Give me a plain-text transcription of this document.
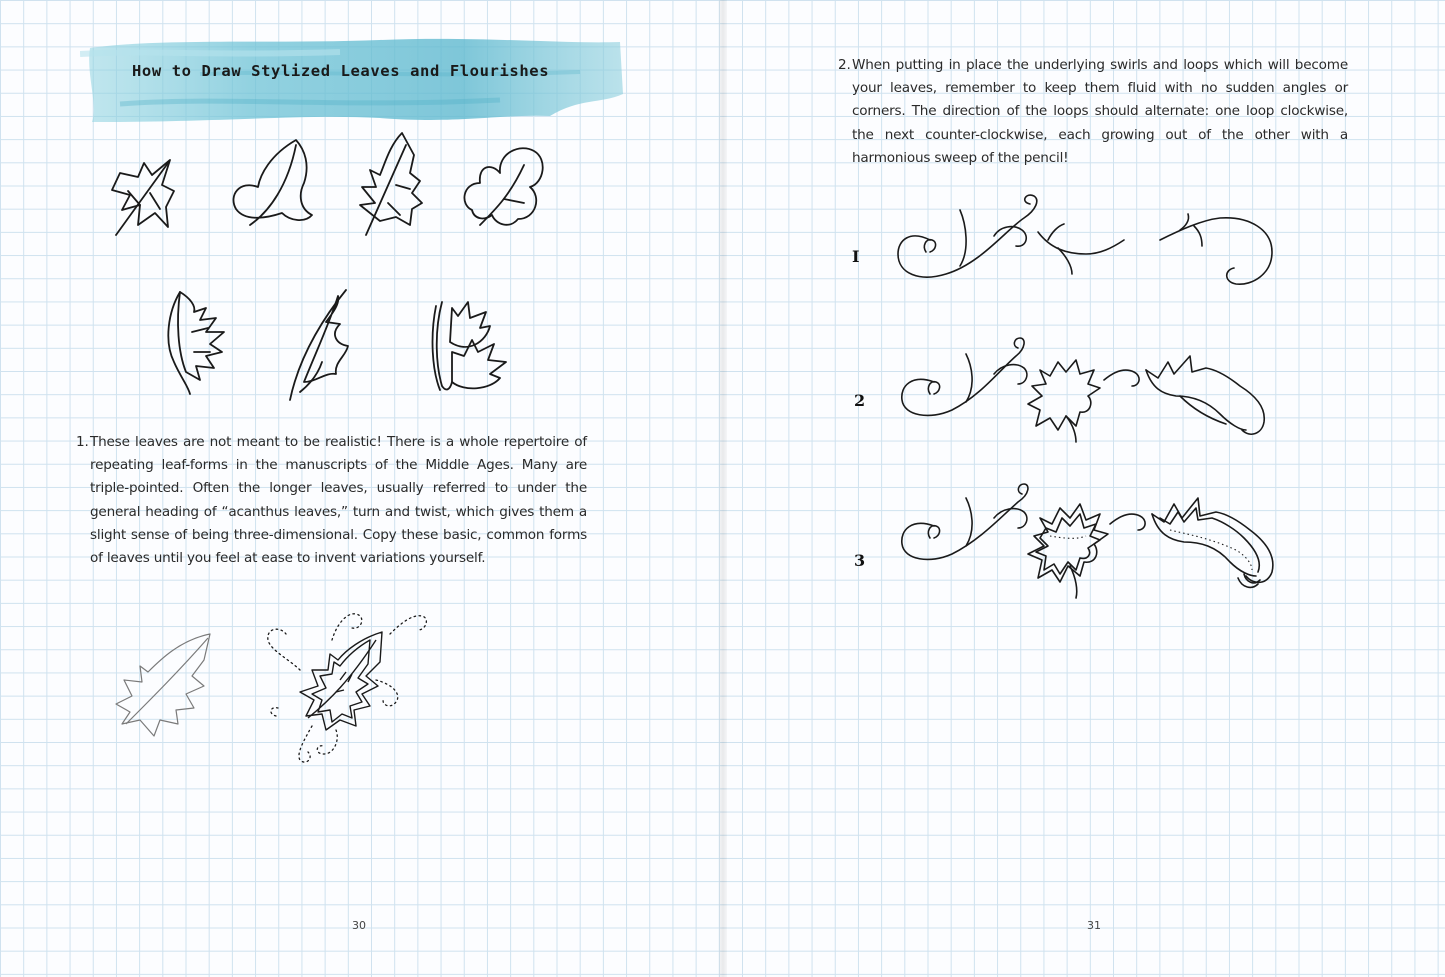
How to Draw Stylized Leaves and Flourishes
1. These leaves are not meant to be realistic! There is a whole repertoire of repeating leaf-forms in the manuscripts of the Middle Ages. Many are triple-pointed. Often the longer leaves, usually referred to under the general heading of “acanthus leaves,” turn and twist, which gives them a slight sense of being three-dimensional. Copy these basic, common forms of leaves until you feel at ease to invent variations yourself.
2. When putting in place the underlying swirls and loops which will become your leaves, remember to keep them fluid with no sudden angles or corners. The direction of the loops should alternate: one loop clockwise, the next counter-clockwise, each growing out of the other with a harmonious sweep of the pencil!
I
2
3
30	31
